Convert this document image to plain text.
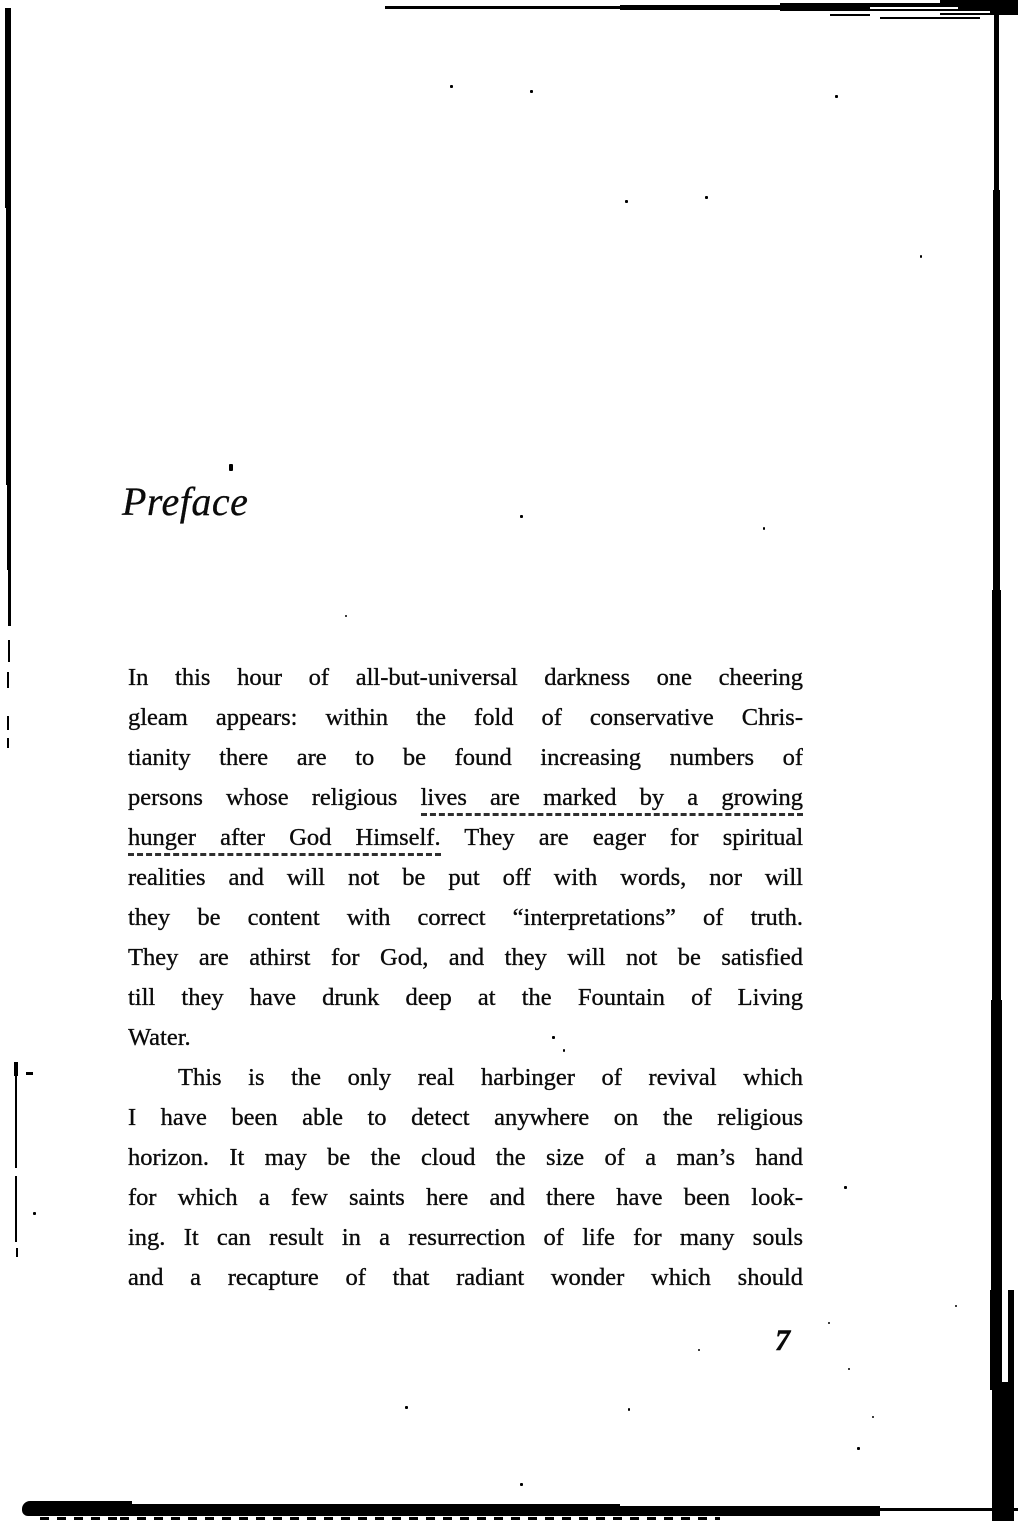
Preface
In this hour of all-but-universal darkness one cheering
gleam appears: within the fold of conservative Chris-
tianity there are to be found increasing numbers of
persons whose religious lives are marked by a growing
hunger after God Himself. They are eager for spiritual
realities and will not be put off with words, nor will
they be content with correct “interpretations” of truth.
They are athirst for God, and they will not be satisfied
till they have drunk deep at the Fountain of Living
Water.
This is the only real harbinger of revival which
I have been able to detect anywhere on the religious
horizon. It may be the cloud the size of a man’s hand
for which a few saints here and there have been look-
ing. It can result in a resurrection of life for many souls
and a recapture of that radiant wonder which should
7
